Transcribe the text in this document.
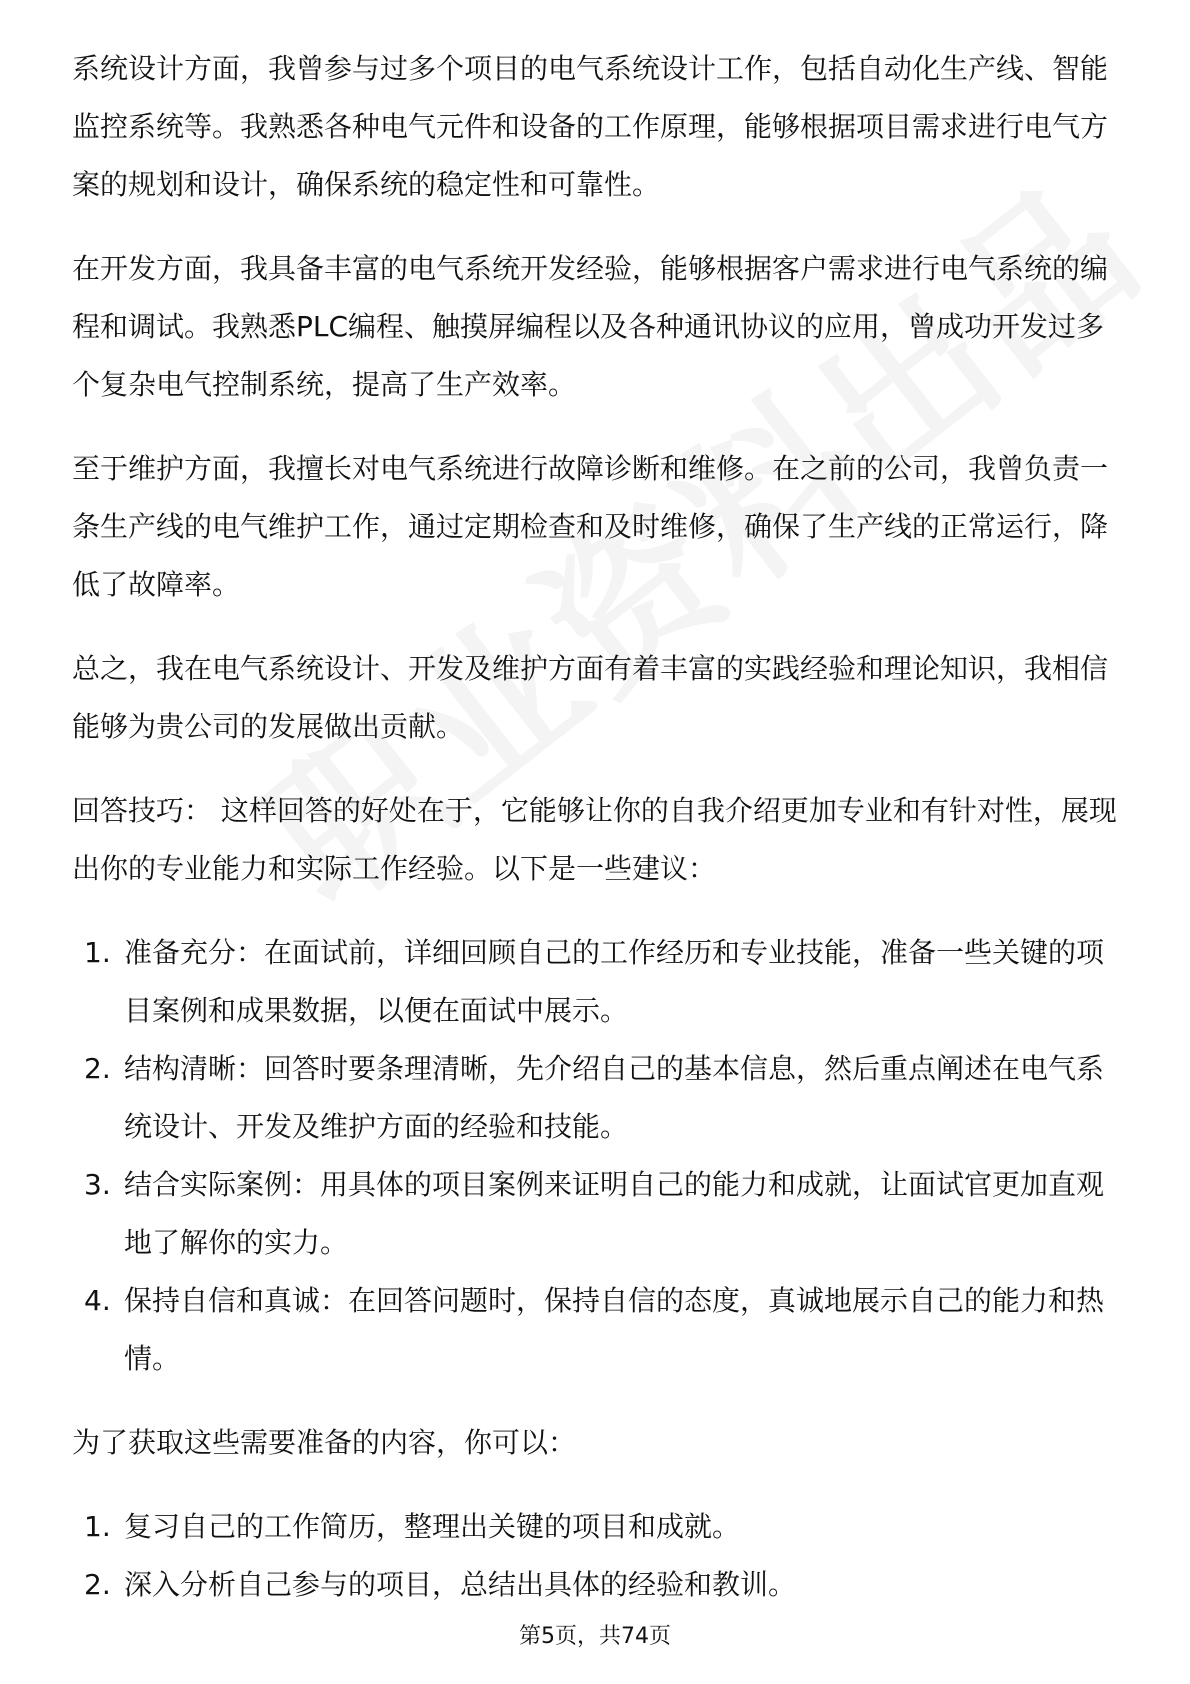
系统设计方面，我曾参与过多个项目的电气系统设计工作，包括自动化生产线、智能监控系统等。我熟悉各种电气元件和设备的工作原理，能够根据项目需求进行电气方案的规划和设计，确保系统的稳定性和可靠性。

在开发方面，我具备丰富的电气系统开发经验，能够根据客户需求进行电气系统的编程和调试。我熟悉PLC编程、触摸屏编程以及各种通讯协议的应用，曾成功开发过多个复杂电气控制系统，提高了生产效率。

至于维护方面，我擅长对电气系统进行故障诊断和维修。在之前的公司，我曾负责一条生产线的电气维护工作，通过定期检查和及时维修，确保了生产线的正常运行，降低了故障率。

总之，我在电气系统设计、开发及维护方面有着丰富的实践经验和理论知识，我相信能够为贵公司的发展做出贡献。

回答技巧： 这样回答的好处在于，它能够让你的自我介绍更加专业和有针对性，展现出你的专业能力和实际工作经验。以下是一些建议：

1. 准备充分：在面试前，详细回顾自己的工作经历和专业技能，准备一些关键的项目案例和成果数据，以便在面试中展示。
2. 结构清晰：回答时要条理清晰，先介绍自己的基本信息，然后重点阐述在电气系统设计、开发及维护方面的经验和技能。
3. 结合实际案例：用具体的项目案例来证明自己的能力和成就，让面试官更加直观地了解你的实力。
4. 保持自信和真诚：在回答问题时，保持自信的态度，真诚地展示自己的能力和热情。

为了获取这些需要准备的内容，你可以：

1. 复习自己的工作简历，整理出关键的项目和成就。
2. 深入分析自己参与的项目，总结出具体的经验和教训。
第5页，共74页
